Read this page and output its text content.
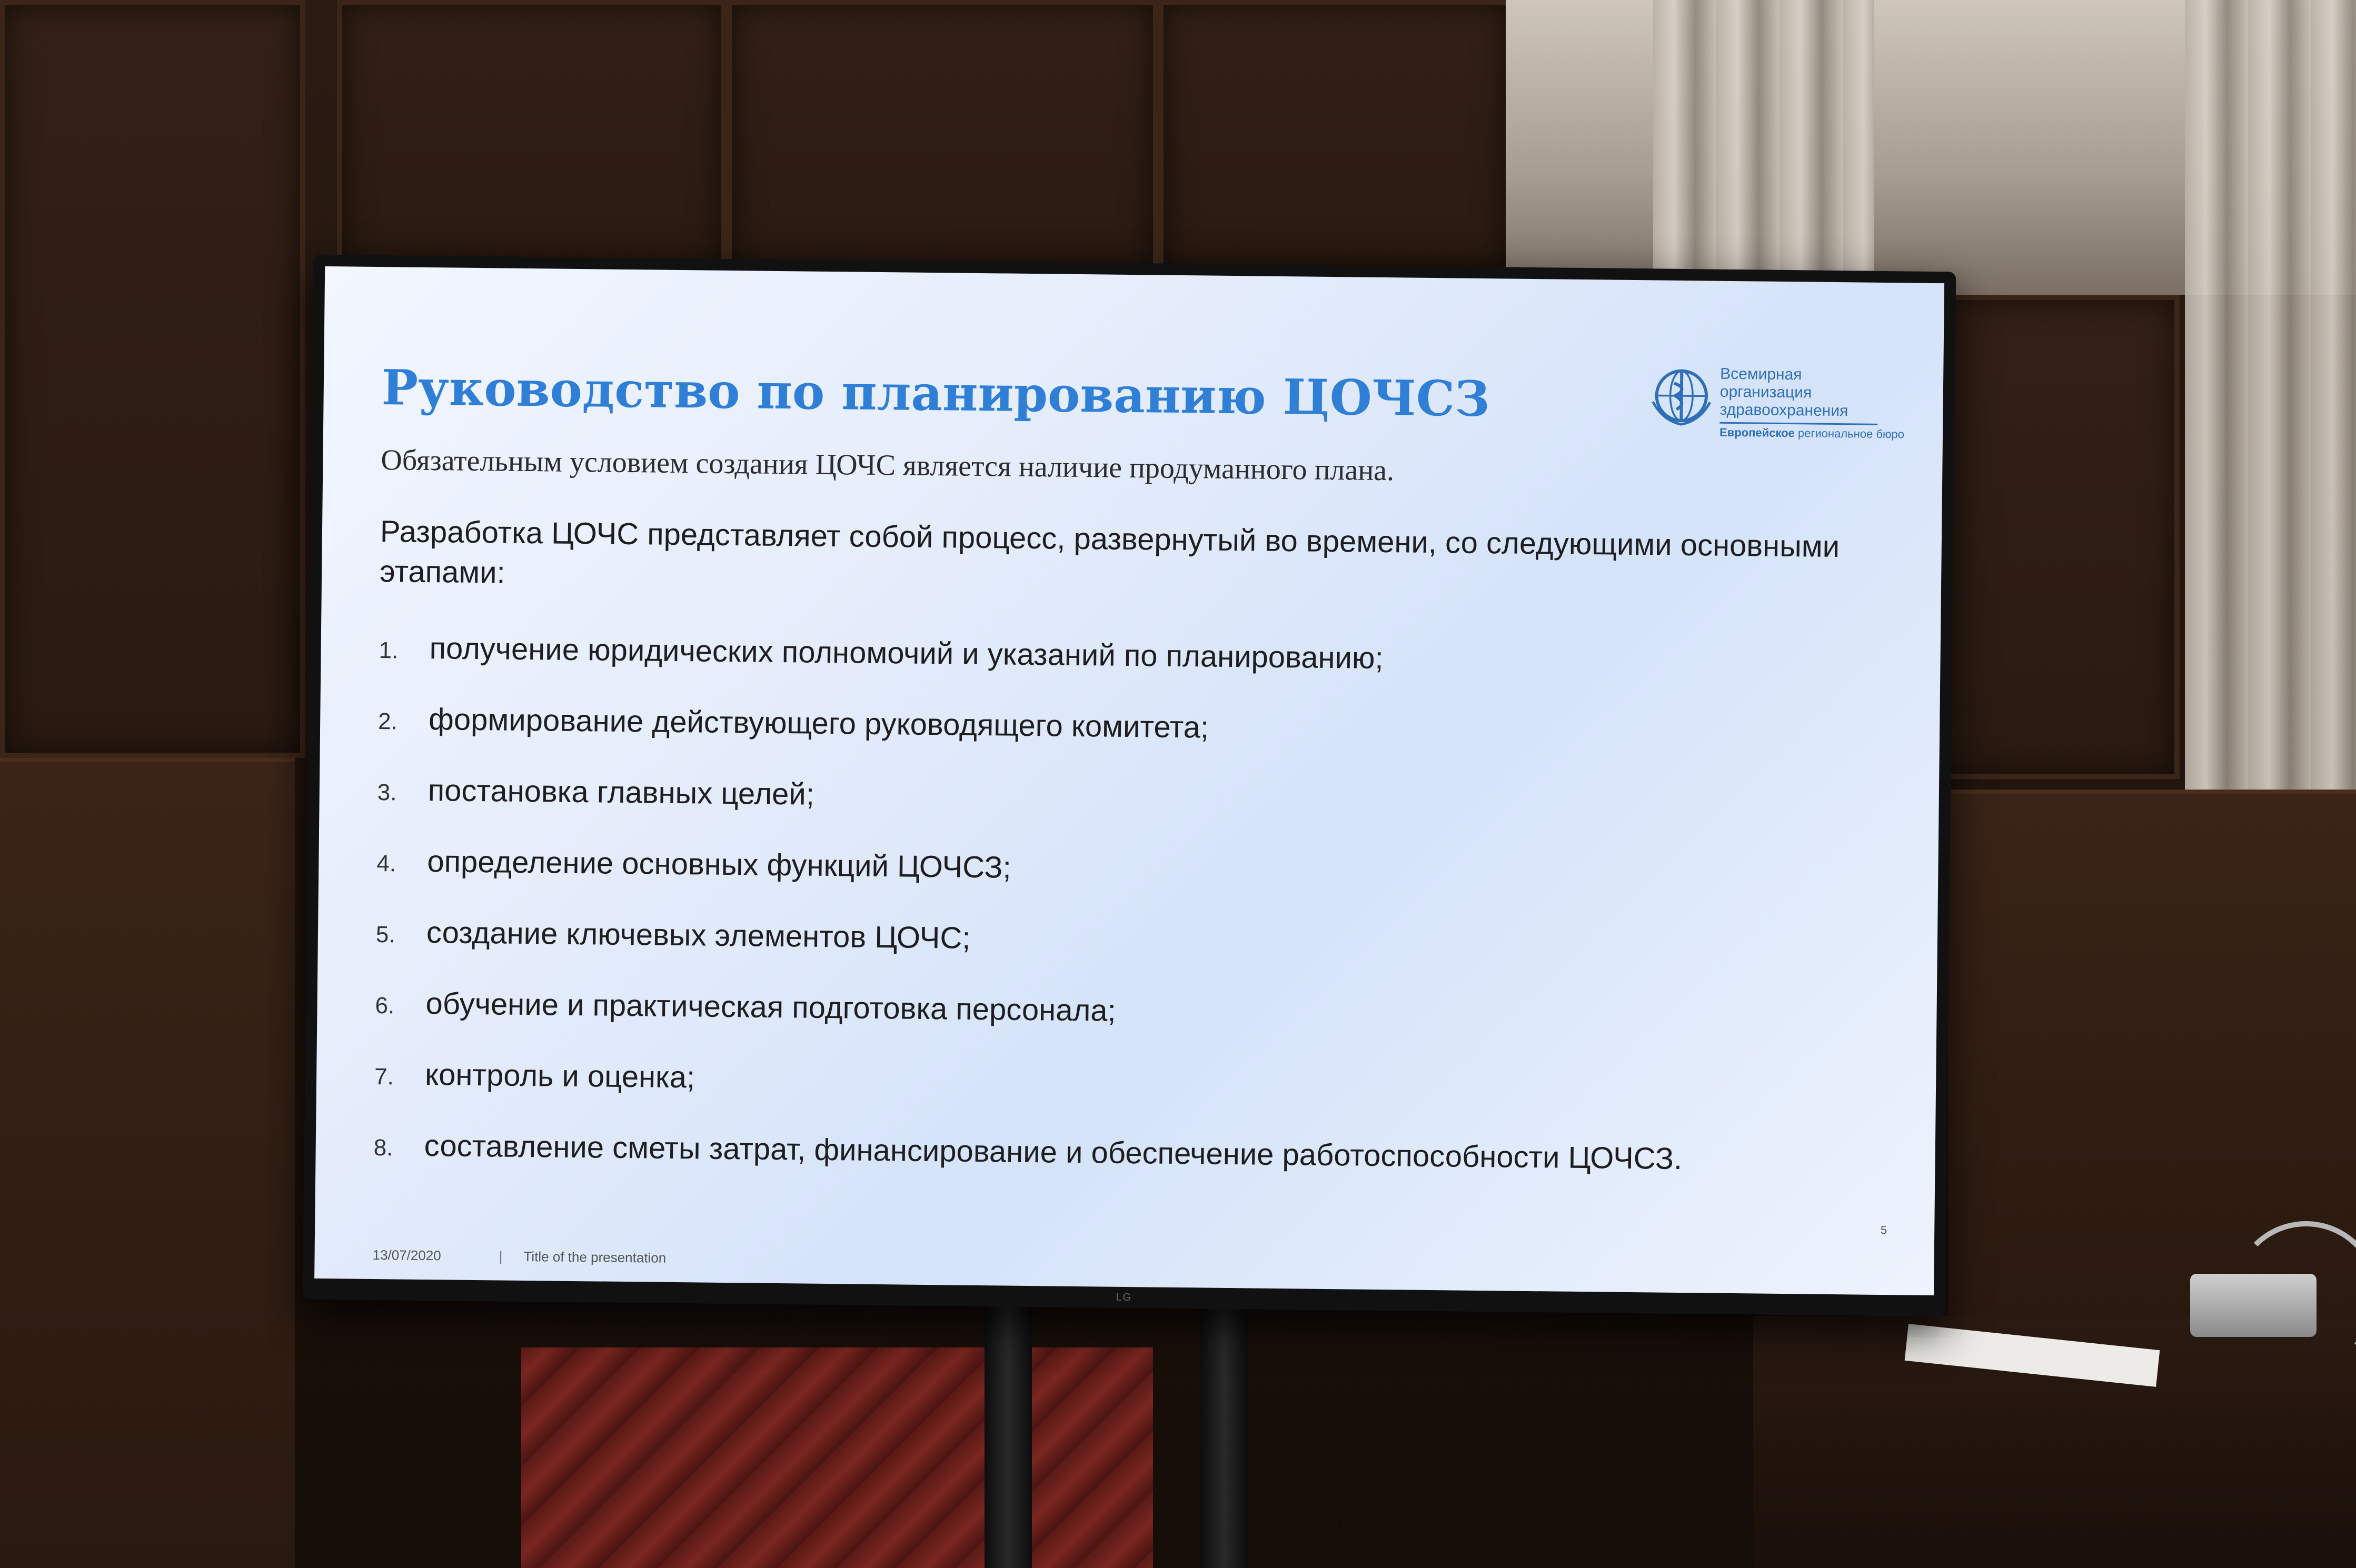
Руководство по планированию ЦОЧСЗ	Всемирная организация здравоохранения
Европейское региональное бюро

Обязательным условием создания ЦОЧС является наличие продуманного плана.

Разработка ЦОЧС представляет собой процесс, развернутый во времени, со следующими основными этапами:

1.	получение юридических полномочий и указаний по планированию;
2.	формирование действующего руководящего комитета;
3.	постановка главных целей;
4.	определение основных функций ЦОЧСЗ;
5.	создание ключевых элементов ЦОЧС;
6.	обучение и практическая подготовка персонала;
7.	контроль и оценка;
8.	составление сметы затрат, финансирование и обеспечение работоспособности ЦОЧСЗ.
5
13/07/2020	| Title of the presentation
LG
